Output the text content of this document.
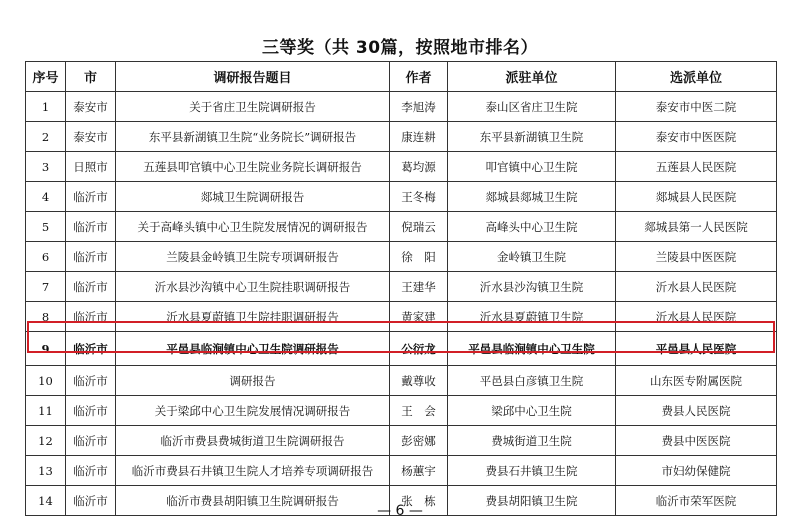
三等奖（共 30篇，按照地市排名）
序号	市	调研报告题目	作者	派驻单位	选派单位
1	泰安市	关于省庄卫生院调研报告	李旭涛	泰山区省庄卫生院	泰安市中医二院
2	泰安市	东平县新湖镇卫生院“业务院长”调研报告	康连耕	东平县新湖镇卫生院	泰安市中医医院
3	日照市	五莲县叩官镇中心卫生院业务院长调研报告	葛均源	叩官镇中心卫生院	五莲县人民医院
4	临沂市	郯城卫生院调研报告	王冬梅	郯城县郯城卫生院	郯城县人民医院
5	临沂市	关于高峰头镇中心卫生院发展情况的调研报告	倪瑞云	高峰头中心卫生院	郯城县第一人民医院
6	临沂市	兰陵县金岭镇卫生院专项调研报告	徐　阳	金岭镇卫生院	兰陵县中医医院
7	临沂市	沂水县沙沟镇中心卫生院挂职调研报告	王建华	沂水县沙沟镇卫生院	沂水县人民医院
8	临沂市	沂水县夏蔚镇卫生院挂职调研报告	黄家建	沂水县夏蔚镇卫生院	沂水县人民医院
9	临沂市	平邑县临涧镇中心卫生院调研报告	公衍龙	平邑县临涧镇中心卫生院	平邑县人民医院
10	临沂市	调研报告	戴尊收	平邑县白彦镇卫生院	山东医专附属医院
11	临沂市	关于梁邱中心卫生院发展情况调研报告	王　会	梁邱中心卫生院	费县人民医院
12	临沂市	临沂市费县费城街道卫生院调研报告	彭密娜	费城街道卫生院	费县中医医院
13	临沂市	临沂市费县石井镇卫生院人才培养专项调研报告	杨蕙宇	费县石井镇卫生院	市妇幼保健院
14	临沂市	临沂市费县胡阳镇卫生院调研报告	张　栋	费县胡阳镇卫生院	临沂市荣军医院
— 6 —
